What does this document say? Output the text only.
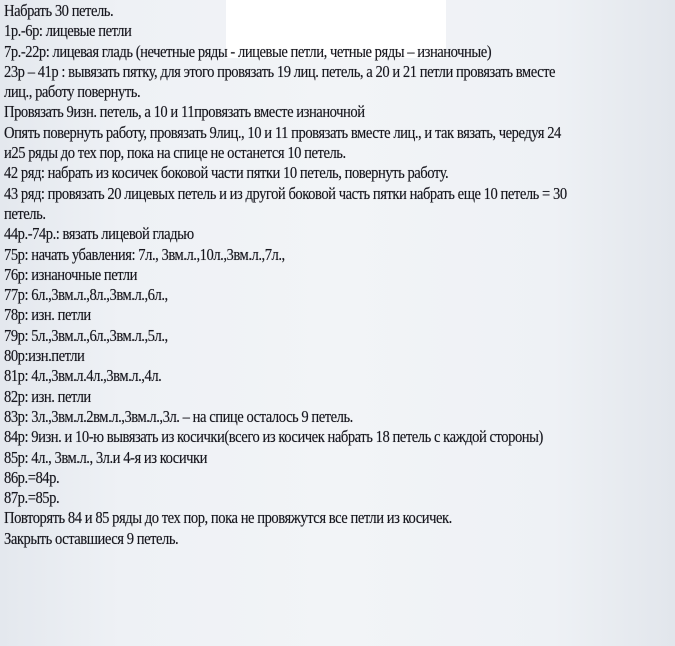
Набрать 30 петель.
1р.-6р: лицевые петли
7р.-22р: лицевая гладь (нечетные ряды - лицевые петли, четные ряды – изнаночные)
23р – 41р : вывязать пятку, для этого провязать 19 лиц. петель, а 20 и 21 петли провязать вместе
лиц., работу повернуть.
Провязать 9изн. петель, а 10 и 11провязать вместе изнаночной
Опять повернуть работу, провязать 9лиц., 10 и 11 провязать вместе лиц., и так вязать, чередуя 24
и25 ряды до тех пор, пока на спице не останется 10 петель.
42 ряд: набрать из косичек боковой части пятки 10 петель, повернуть работу.
43 ряд: провязать 20 лицевых петель и из другой боковой часть пятки набрать еще 10 петель = 30
петель.
44р.-74р.: вязать лицевой гладью
75р: начать убавления: 7л., 3вм.л.,10л.,3вм.л.,7л.,
76р: изнаночные петли
77р: 6л.,3вм.л.,8л.,3вм.л.,6л.,
78р: изн. петли
79р: 5л.,3вм.л.,6л.,3вм.л.,5л.,
80р:изн.петли
81р: 4л.,3вм.л.4л.,3вм.л.,4л.
82р: изн. петли
83р: 3л.,3вм.л.2вм.л.,3вм.л.,3л. – на спице осталось 9 петель.
84р: 9изн. и 10-ю вывязать из косички(всего из косичек набрать 18 петель с каждой стороны)
85р: 4л., 3вм.л., 3л.и 4-я из косички
86р.=84р.
87р.=85р.
Повторять 84 и 85 ряды до тех пор, пока не провяжутся все петли из косичек.
Закрыть оставшиеся 9 петель.
